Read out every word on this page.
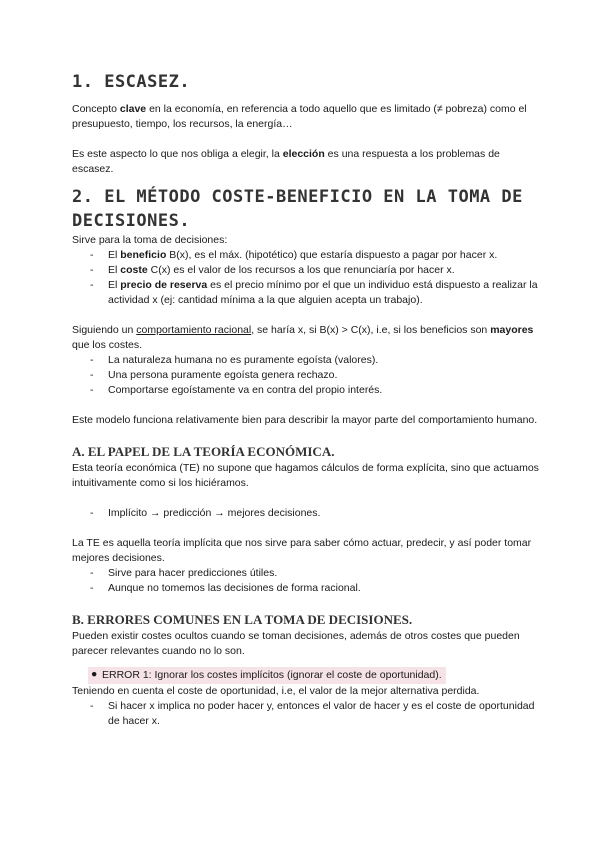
1. ESCASEZ.

Concepto clave en la economía, en referencia a todo aquello que es limitado (≠ pobreza) como el presupuesto, tiempo, los recursos, la energía…

Es este aspecto lo que nos obliga a elegir, la elección es una respuesta a los problemas de escasez.

2. EL MÉTODO COSTE-BENEFICIO EN LA TOMA DE DECISIONES.

Sirve para la toma de decisiones:

- El beneficio B(x), es el máx. (hipotético) que estaría dispuesto a pagar por hacer x.
- El coste C(x) es el valor de los recursos a los que renunciaría por hacer x.
- El precio de reserva es el precio mínimo por el que un individuo está dispuesto a realizar la actividad x (ej: cantidad mínima a la que alguien acepta un trabajo).

Siguiendo un comportamiento racional, se haría x, si B(x) > C(x), i.e, si los beneficios son mayores que los costes.

- La naturaleza humana no es puramente egoísta (valores).
- Una persona puramente egoísta genera rechazo.
- Comportarse egoístamente va en contra del propio interés.

Este modelo funciona relativamente bien para describir la mayor parte del comportamiento humano.

A. EL PAPEL DE LA TEORÍA ECONÓMICA.

Esta teoría económica (TE) no supone que hagamos cálculos de forma explícita, sino que actuamos intuitivamente como si los hiciéramos.

- Implícito → predicción → mejores decisiones.

La TE es aquella teoría implícita que nos sirve para saber cómo actuar, predecir, y así poder tomar mejores decisiones.

- Sirve para hacer predicciones útiles.
- Aunque no tomemos las decisiones de forma racional.
B. ERRORES COMUNES EN LA TOMA DE DECISIONES.

Pueden existir costes ocultos cuando se toman decisiones, además de otros costes que pueden parecer relevantes cuando no lo son.

● ERROR 1: Ignorar los costes implícitos (ignorar el coste de oportunidad).

Teniendo en cuenta el coste de oportunidad, i.e, el valor de la mejor alternativa perdida.

- Si hacer x implica no poder hacer y, entonces el valor de hacer y es el coste de oportunidad de hacer x.
